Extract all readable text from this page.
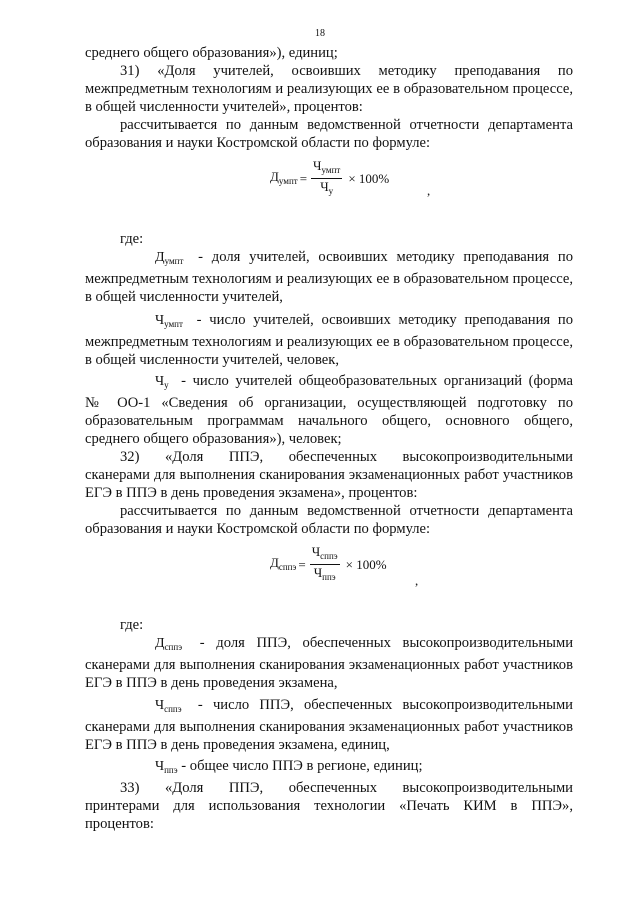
18

среднего общего образования»), единиц;

31) «Доля учителей, освоивших методику преподавания по

межпредметным технологиям и реализующих ее в образовательном процессе, в общей численности учителей», процентов:

рассчитывается по данным ведомственной отчетности департамента образования и науки Костромской области по формуле:

$Д_{умпт} = \frac{Ч_{умпт}}{Ч_у} \times 100\%$
,

где:

$Д_{умпт}$ - доля учителей, освоивших методику преподавания по

межпредметным технологиям и реализующих ее в образовательном процессе, в общей численности учителей,

$Ч_{умпт}$ - число учителей, освоивших методику преподавания по

межпредметным технологиям и реализующих ее в образовательном процессе, в общей численности учителей, человек,

$Ч_у$ - число учителей общеобразовательных организаций (форма

№ ОО-1 «Сведения об организации, осуществляющей подготовку по образовательным программам начального общего, основного общего, среднего общего образования»), человек;

32) «Доля ППЭ, обеспеченных высокопроизводительными

сканерами для выполнения сканирования экзаменационных работ участников ЕГЭ в ППЭ в день проведения экзамена», процентов:

рассчитывается по данным ведомственной отчетности департамента образования и науки Костромской области по формуле:

$Д_{сппэ} = \frac{Ч_{сппэ}}{Ч_{ппэ}} \times 100\%$
,

где:

$Д_{сппэ}$ - доля ППЭ, обеспеченных высокопроизводительными

сканерами для выполнения сканирования экзаменационных работ участников ЕГЭ в ППЭ в день проведения экзамена,

$Ч_{сппэ}$ - число ППЭ, обеспеченных высокопроизводительными

сканерами для выполнения сканирования экзаменационных работ участников ЕГЭ в ППЭ в день проведения экзамена, единиц,

$Ч_{ппэ}$ - общее число ППЭ в регионе, единиц;

33) «Доля ППЭ, обеспеченных высокопроизводительными

принтерами для использования технологии «Печать КИМ в ППЭ», процентов:
